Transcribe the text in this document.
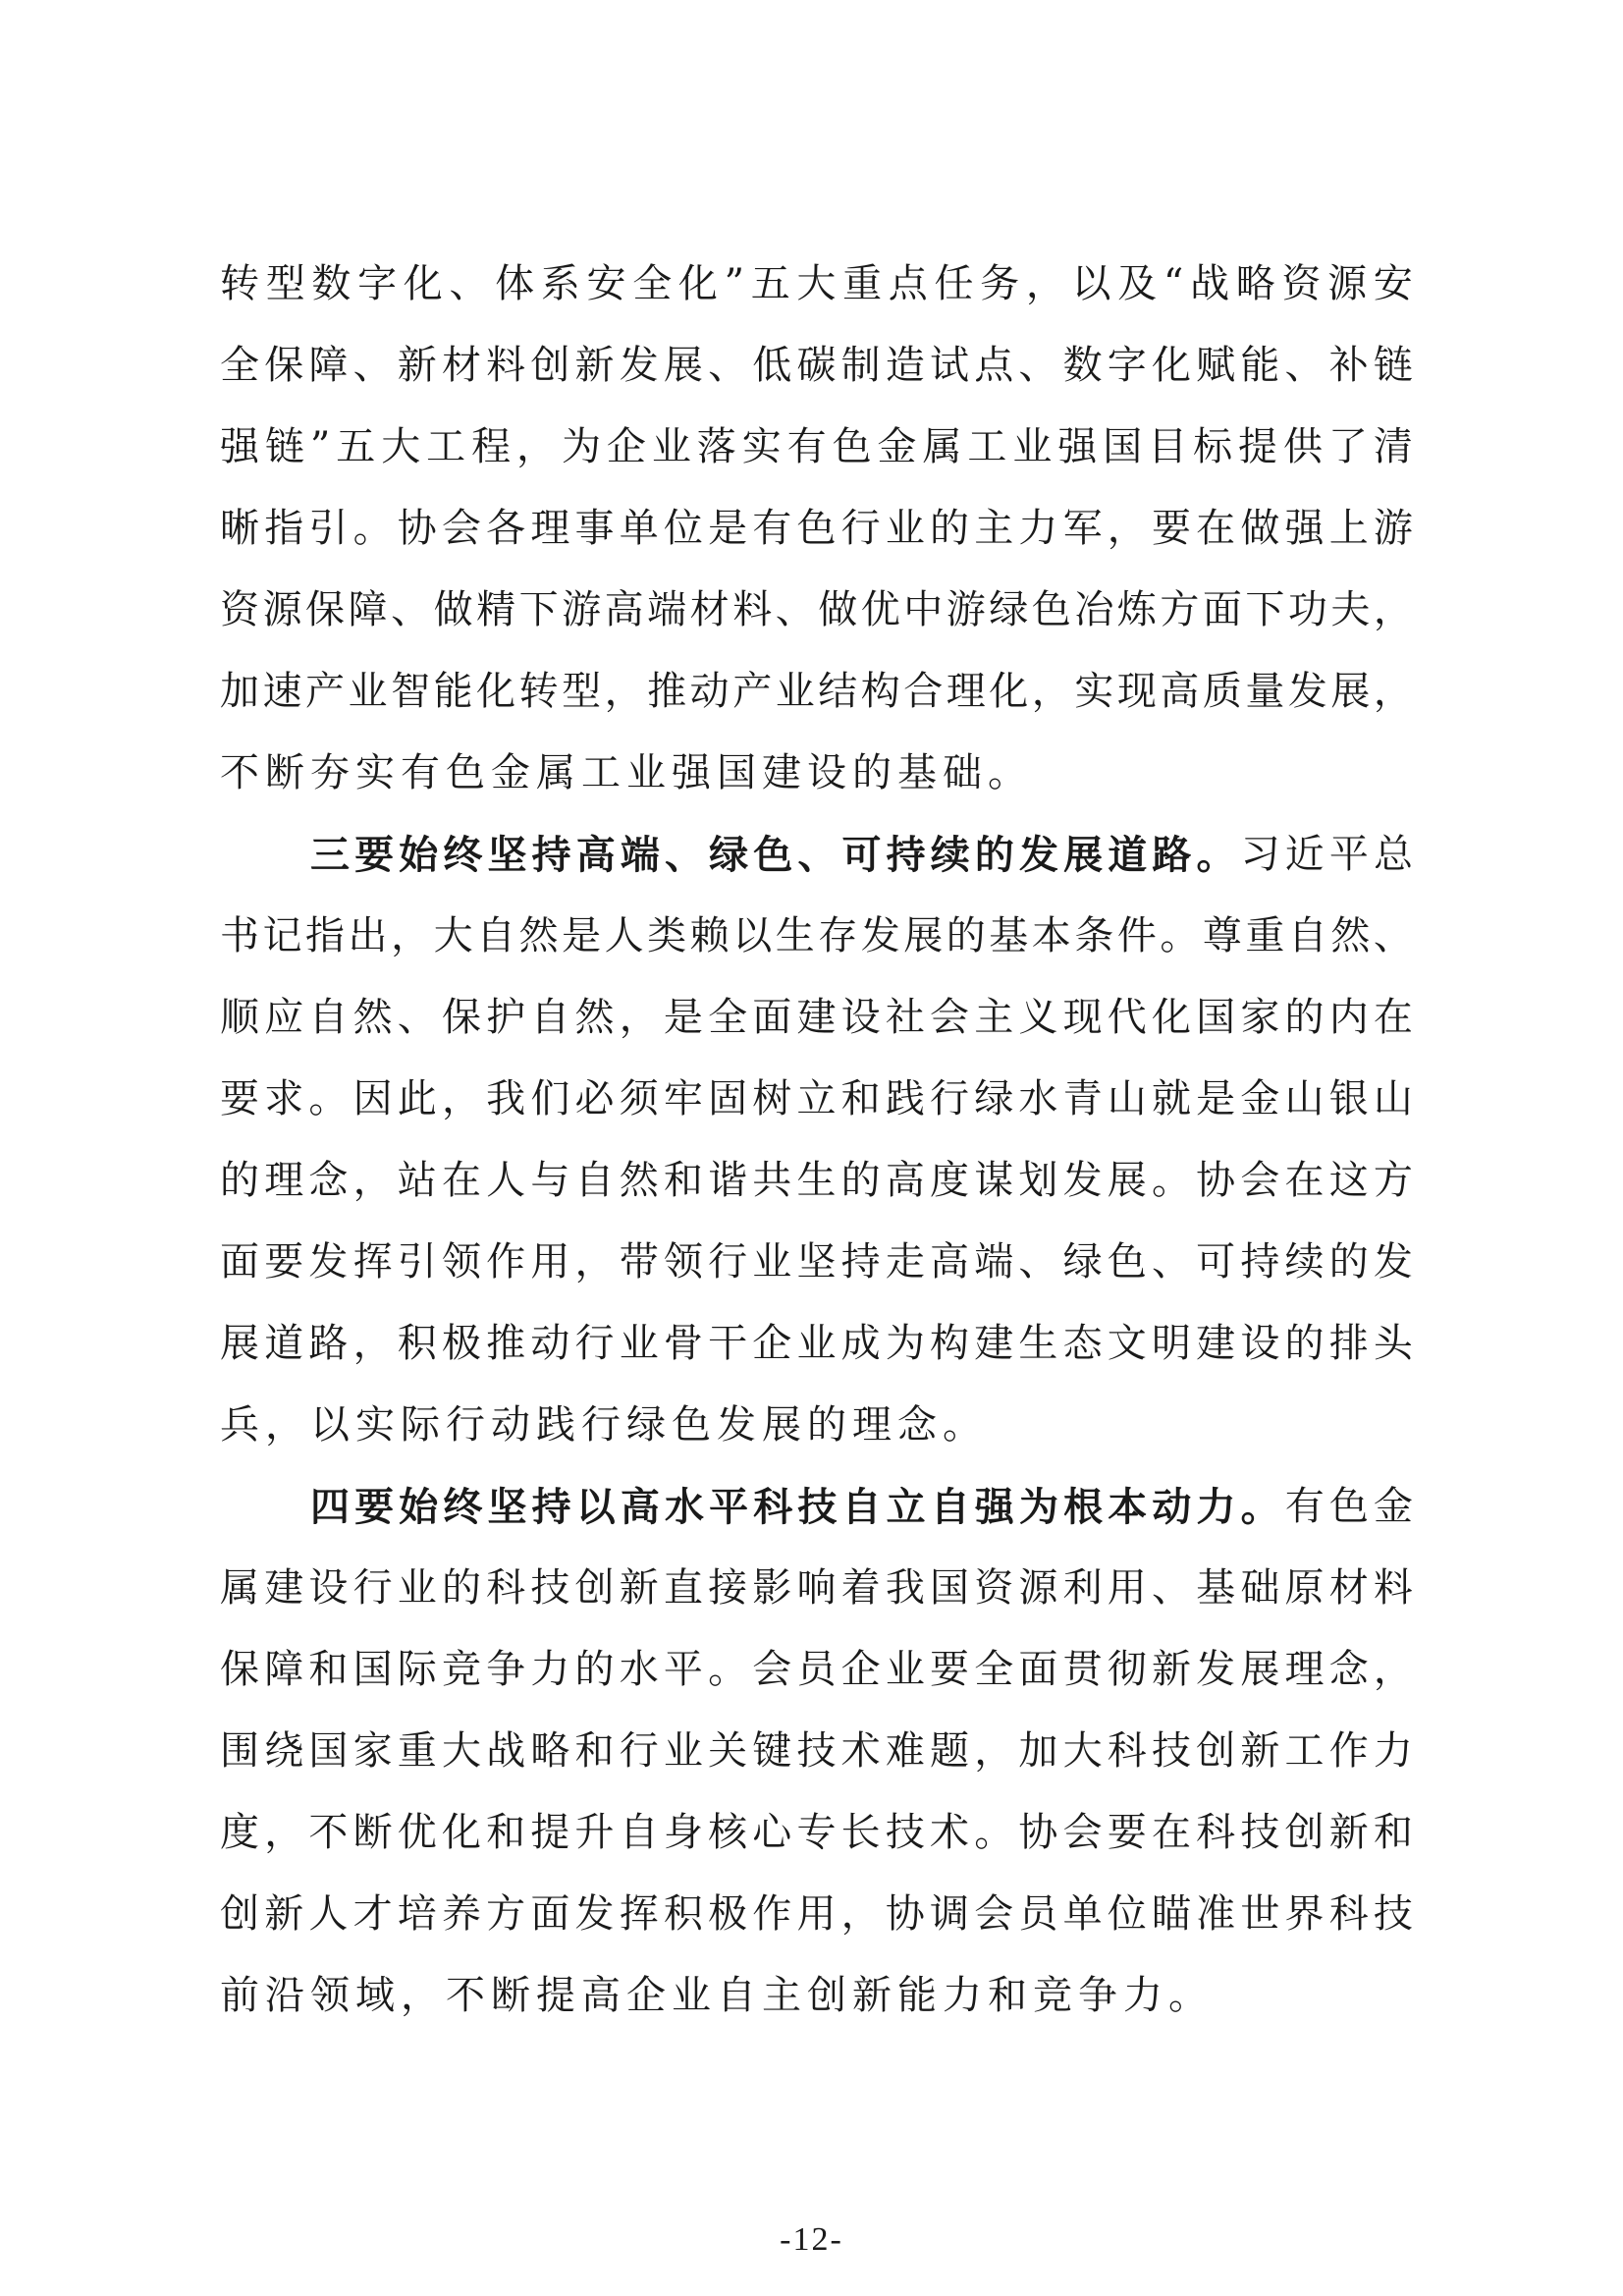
转 型 数 字 化 、 体 系 安 全 化 ” 五 大 重 点 任 务 ， 以 及 “ 战 略 资 源 安
全 保 障 、 新 材 料 创 新 发 展 、 低 碳 制 造 试 点 、 数 字 化 赋 能 、 补 链
强 链 ” 五 大 工 程 ， 为 企 业 落 实 有 色 金 属 工 业 强 国 目 标 提 供 了 清
晰 指 引 。 协 会 各 理 事 单 位 是 有 色 行 业 的 主 力 军 ， 要 在 做 强 上 游
资 源 保 障 、 做 精 下 游 高 端 材 料 、 做 优 中 游 绿 色 冶 炼 方 面 下 功 夫 ，
加 速 产 业 智 能 化 转 型 ， 推 动 产 业 结 构 合 理 化 ， 实 现 高 质 量 发 展 ，
不断夯实有色金属工业强国建设的基础。
三 要 始 终 坚 持 高 端 、 绿 色 、 可 持 续 的 发 展 道 路 。 习 近 平 总
书 记 指 出 ， 大 自 然 是 人 类 赖 以 生 存 发 展 的 基 本 条 件 。 尊 重 自 然 、
顺 应 自 然 、 保 护 自 然 ， 是 全 面 建 设 社 会 主 义 现 代 化 国 家 的 内 在
要 求 。 因 此 ， 我 们 必 须 牢 固 树 立 和 践 行 绿 水 青 山 就 是 金 山 银 山
的 理 念 ， 站 在 人 与 自 然 和 谐 共 生 的 高 度 谋 划 发 展 。 协 会 在 这 方
面 要 发 挥 引 领 作 用 ， 带 领 行 业 坚 持 走 高 端 、 绿 色 、 可 持 续 的 发
展 道 路 ， 积 极 推 动 行 业 骨 干 企 业 成 为 构 建 生 态 文 明 建 设 的 排 头
兵，以实际行动践行绿色发展的理念。
四 要 始 终 坚 持 以 高 水 平 科 技 自 立 自 强 为 根 本 动 力 。 有 色 金
属 建 设 行 业 的 科 技 创 新 直 接 影 响 着 我 国 资 源 利 用 、 基 础 原 材 料
保 障 和 国 际 竞 争 力 的 水 平 。 会 员 企 业 要 全 面 贯 彻 新 发 展 理 念 ，
围 绕 国 家 重 大 战 略 和 行 业 关 键 技 术 难 题 ， 加 大 科 技 创 新 工 作 力
度 ， 不 断 优 化 和 提 升 自 身 核 心 专 长 技 术 。 协 会 要 在 科 技 创 新 和
创 新 人 才 培 养 方 面 发 挥 积 极 作 用 ， 协 调 会 员 单 位 瞄 准 世 界 科 技
前沿领域，不断提高企业自主创新能力和竞争力。
-12-
